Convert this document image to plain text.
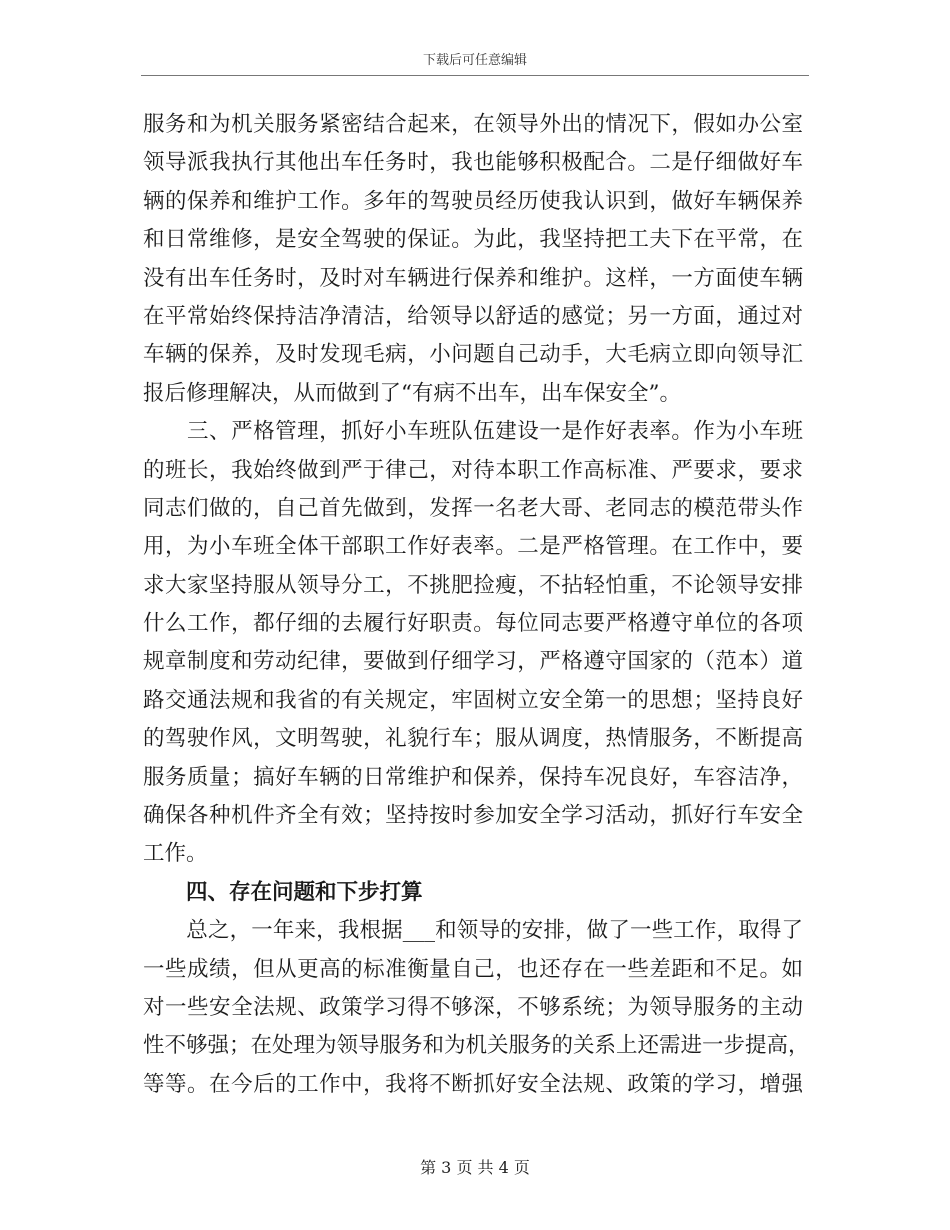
下载后可任意编辑
服务和为机关服务紧密结合起来，在领导外出的情况下，假如办公室
领导派我执行其他出车任务时，我也能够积极配合。二是仔细做好车
辆的保养和维护工作。多年的驾驶员经历使我认识到，做好车辆保养
和日常维修，是安全驾驶的保证。为此，我坚持把工夫下在平常，在
没有出车任务时，及时对车辆进行保养和维护。这样，一方面使车辆
在平常始终保持洁净清洁，给领导以舒适的感觉；另一方面，通过对
车辆的保养，及时发现毛病，小问题自己动手，大毛病立即向领导汇
报后修理解决，从而做到了“有病不出车，出车保安全”。
　　三、严格管理，抓好小车班队伍建设一是作好表率。作为小车班
的班长，我始终做到严于律己，对待本职工作高标准、严要求，要求
同志们做的，自己首先做到，发挥一名老大哥、老同志的模范带头作
用，为小车班全体干部职工作好表率。二是严格管理。在工作中，要
求大家坚持服从领导分工，不挑肥捡瘦，不拈轻怕重，不论领导安排
什么工作，都仔细的去履行好职责。每位同志要严格遵守单位的各项
规章制度和劳动纪律，要做到仔细学习，严格遵守国家的（范本）道
路交通法规和我省的有关规定，牢固树立安全第一的思想；坚持良好
的驾驶作风，文明驾驶，礼貌行车；服从调度，热情服务，不断提高
服务质量；搞好车辆的日常维护和保养，保持车况良好，车容洁净，
确保各种机件齐全有效；坚持按时参加安全学习活动，抓好行车安全
工作。
　　四、存在问题和下步打算
　　总之，一年来，我根据___和领导的安排，做了一些工作，取得了
一些成绩，但从更高的标准衡量自己，也还存在一些差距和不足。如
对一些安全法规、政策学习得不够深，不够系统；为领导服务的主动
性不够强；在处理为领导服务和为机关服务的关系上还需进一步提高，
等等。在今后的工作中，我将不断抓好安全法规、政策的学习，增强
第 3 页 共 4 页
